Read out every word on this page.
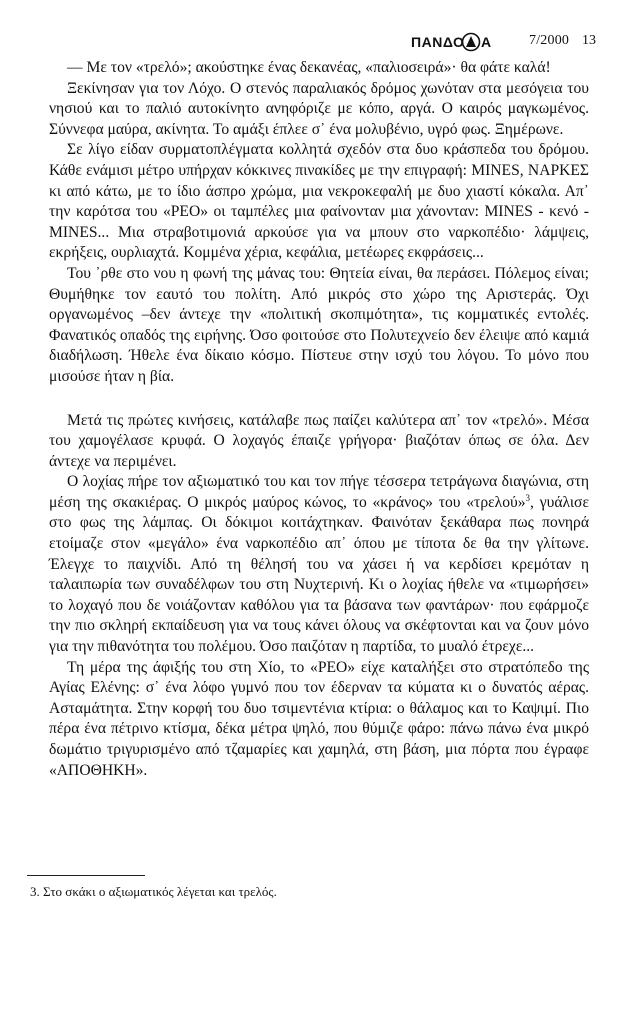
ΠΑΝΔΟ A	7/2000 13

— Με τον «τρελό»; ακούστηκε ένας δεκανέας, «παλιοσειρά»· θα φάτε καλά!

Ξεκίνησαν για τον Λόχο. Ο στενός παραλιακός δρόμος χωνόταν στα μεσόγεια του νησιού και το παλιό αυτοκίνητο ανηφόριζε με κόπο, αργά. Ο καιρός μαγκωμένος. Σύννεφα μαύρα, ακίνητα. Το αμάξι έπλεε σ᾽ ένα μολυβένιο, υγρό φως. Ξημέρωνε.

Σε λίγο είδαν συρματοπλέγματα κολλητά σχεδόν στα δυο κράσπεδα του δρόμου. Κάθε ενάμισι μέτρο υπήρχαν κόκκινες πινακίδες με την επιγραφή: MINES, ΝΑΡΚΕΣ κι από κάτω, με το ίδιο άσπρο χρώμα, μια νεκροκεφαλή με δυο χιαστί κόκαλα. Απ᾽ την καρότσα του «PEO» οι ταμπέλες μια φαίνονταν μια χάνονταν: MINES - κενό - MINES... Μια στραβοτιμονιά αρκούσε για να μπουν στο ναρκοπέδιο· λάμψεις, εκρήξεις, ουρλιαχτά. Κομμένα χέρια, κεφάλια, μετέωρες εκφράσεις...

Του ᾽ρθε στο νου η φωνή της μάνας του: Θητεία είναι, θα περάσει. Πόλεμος είναι; Θυμήθηκε τον εαυτό του πολίτη. Από μικρός στο χώρο της Αριστεράς. Όχι οργανωμένος –δεν άντεχε την «πολιτική σκοπιμότητα», τις κομματικές εντολές. Φανατικός οπαδός της ειρήνης. Όσο φοιτούσε στο Πολυτεχνείο δεν έλειψε από καμιά διαδήλωση. Ήθελε ένα δίκαιο κόσμο. Πίστευε στην ισχύ του λόγου. Το μόνο που μισούσε ήταν η βία.

Μετά τις πρώτες κινήσεις, κατάλαβε πως παίζει καλύτερα απ᾽ τον «τρελό». Μέσα του χαμογέλασε κρυφά. Ο λοχαγός έπαιζε γρήγορα· βιαζόταν όπως σε όλα. Δεν άντεχε να περιμένει.

Ο λοχίας πήρε τον αξιωματικό του και τον πήγε τέσσερα τετράγωνα διαγώνια, στη μέση της σκακιέρας. Ο μικρός μαύρος κώνος, το «κράνος» του «τρελού»$^3$, γυάλισε στο φως της λάμπας. Οι δόκιμοι κοιτάχτηκαν. Φαινόταν ξεκάθαρα πως πονηρά ετοίμαζε στον «μεγάλο» ένα ναρκοπέδιο απ᾽ όπου με τίποτα δε θα την γλίτωνε. Έλεγχε το παιχνίδι. Από τη θέλησή του να χάσει ή να κερδίσει κρεμόταν η ταλαιπωρία των συναδέλφων του στη Νυχτερινή. Κι ο λοχίας ήθελε να «τιμωρήσει» το λοχαγό που δε νοιάζονταν καθόλου για τα βάσανα των φαντάρων· που εφάρμοζε την πιο σκληρή εκπαίδευση για να τους κάνει όλους να σκέφτονται και να ζουν μόνο για την πιθανότητα του πολέμου. Όσο παιζόταν η παρτίδα, το μυαλό έτρεχε...

Τη μέρα της άφιξής του στη Χίο, το «PEO» είχε καταλήξει στο στρατόπεδο της Αγίας Ελένης: σ᾽ ένα λόφο γυμνό που τον έδερναν τα κύματα κι ο δυνατός αέρας. Ασταμάτητα. Στην κορφή του δυο τσιμεντένια κτίρια: ο θάλαμος και το Καψιμί. Πιο πέρα ένα πέτρινο κτίσμα, δέκα μέτρα ψηλό, που θύμιζε φάρο: πάνω πάνω ένα μικρό δωμάτιο τριγυρισμένο από τζαμαρίες και χαμηλά, στη βάση, μια πόρτα που έγραφε «ΑΠΟΘΗΚΗ».

3. Στο σκάκι ο αξιωματικός λέγεται και τρελός.
